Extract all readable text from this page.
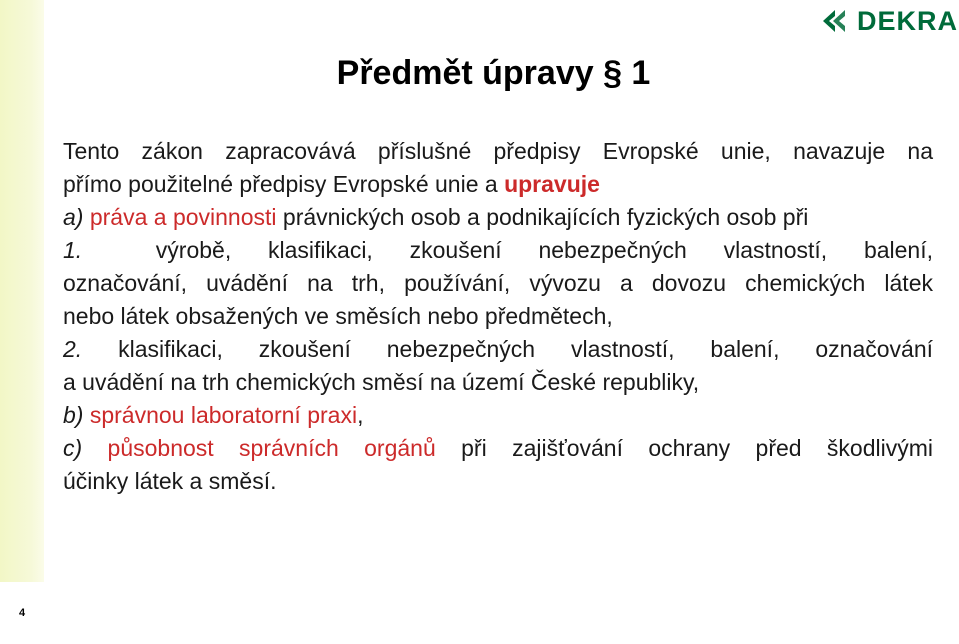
4
DEKRA
Předmět úpravy § 1

Tento zákon zapracovává příslušné předpisy Evropské unie, navazuje na

přímo použitelné předpisy Evropské unie a upravuje

a) práva a povinnosti právnických osob a podnikajících fyzických osob při

1.	výrobě, klasifikaci, zkoušení nebezpečných vlastností, balení,

označování, uvádění na trh, používání, vývozu a dovozu chemických látek

nebo látek obsažených ve směsích nebo předmětech,

2. klasifikaci, zkoušení nebezpečných vlastností, balení, označování

a uvádění na trh chemických směsí na území České republiky,

b) správnou laboratorní praxi,

c) působnost správních orgánů při zajišťování ochrany před škodlivými

účinky látek a směsí.
